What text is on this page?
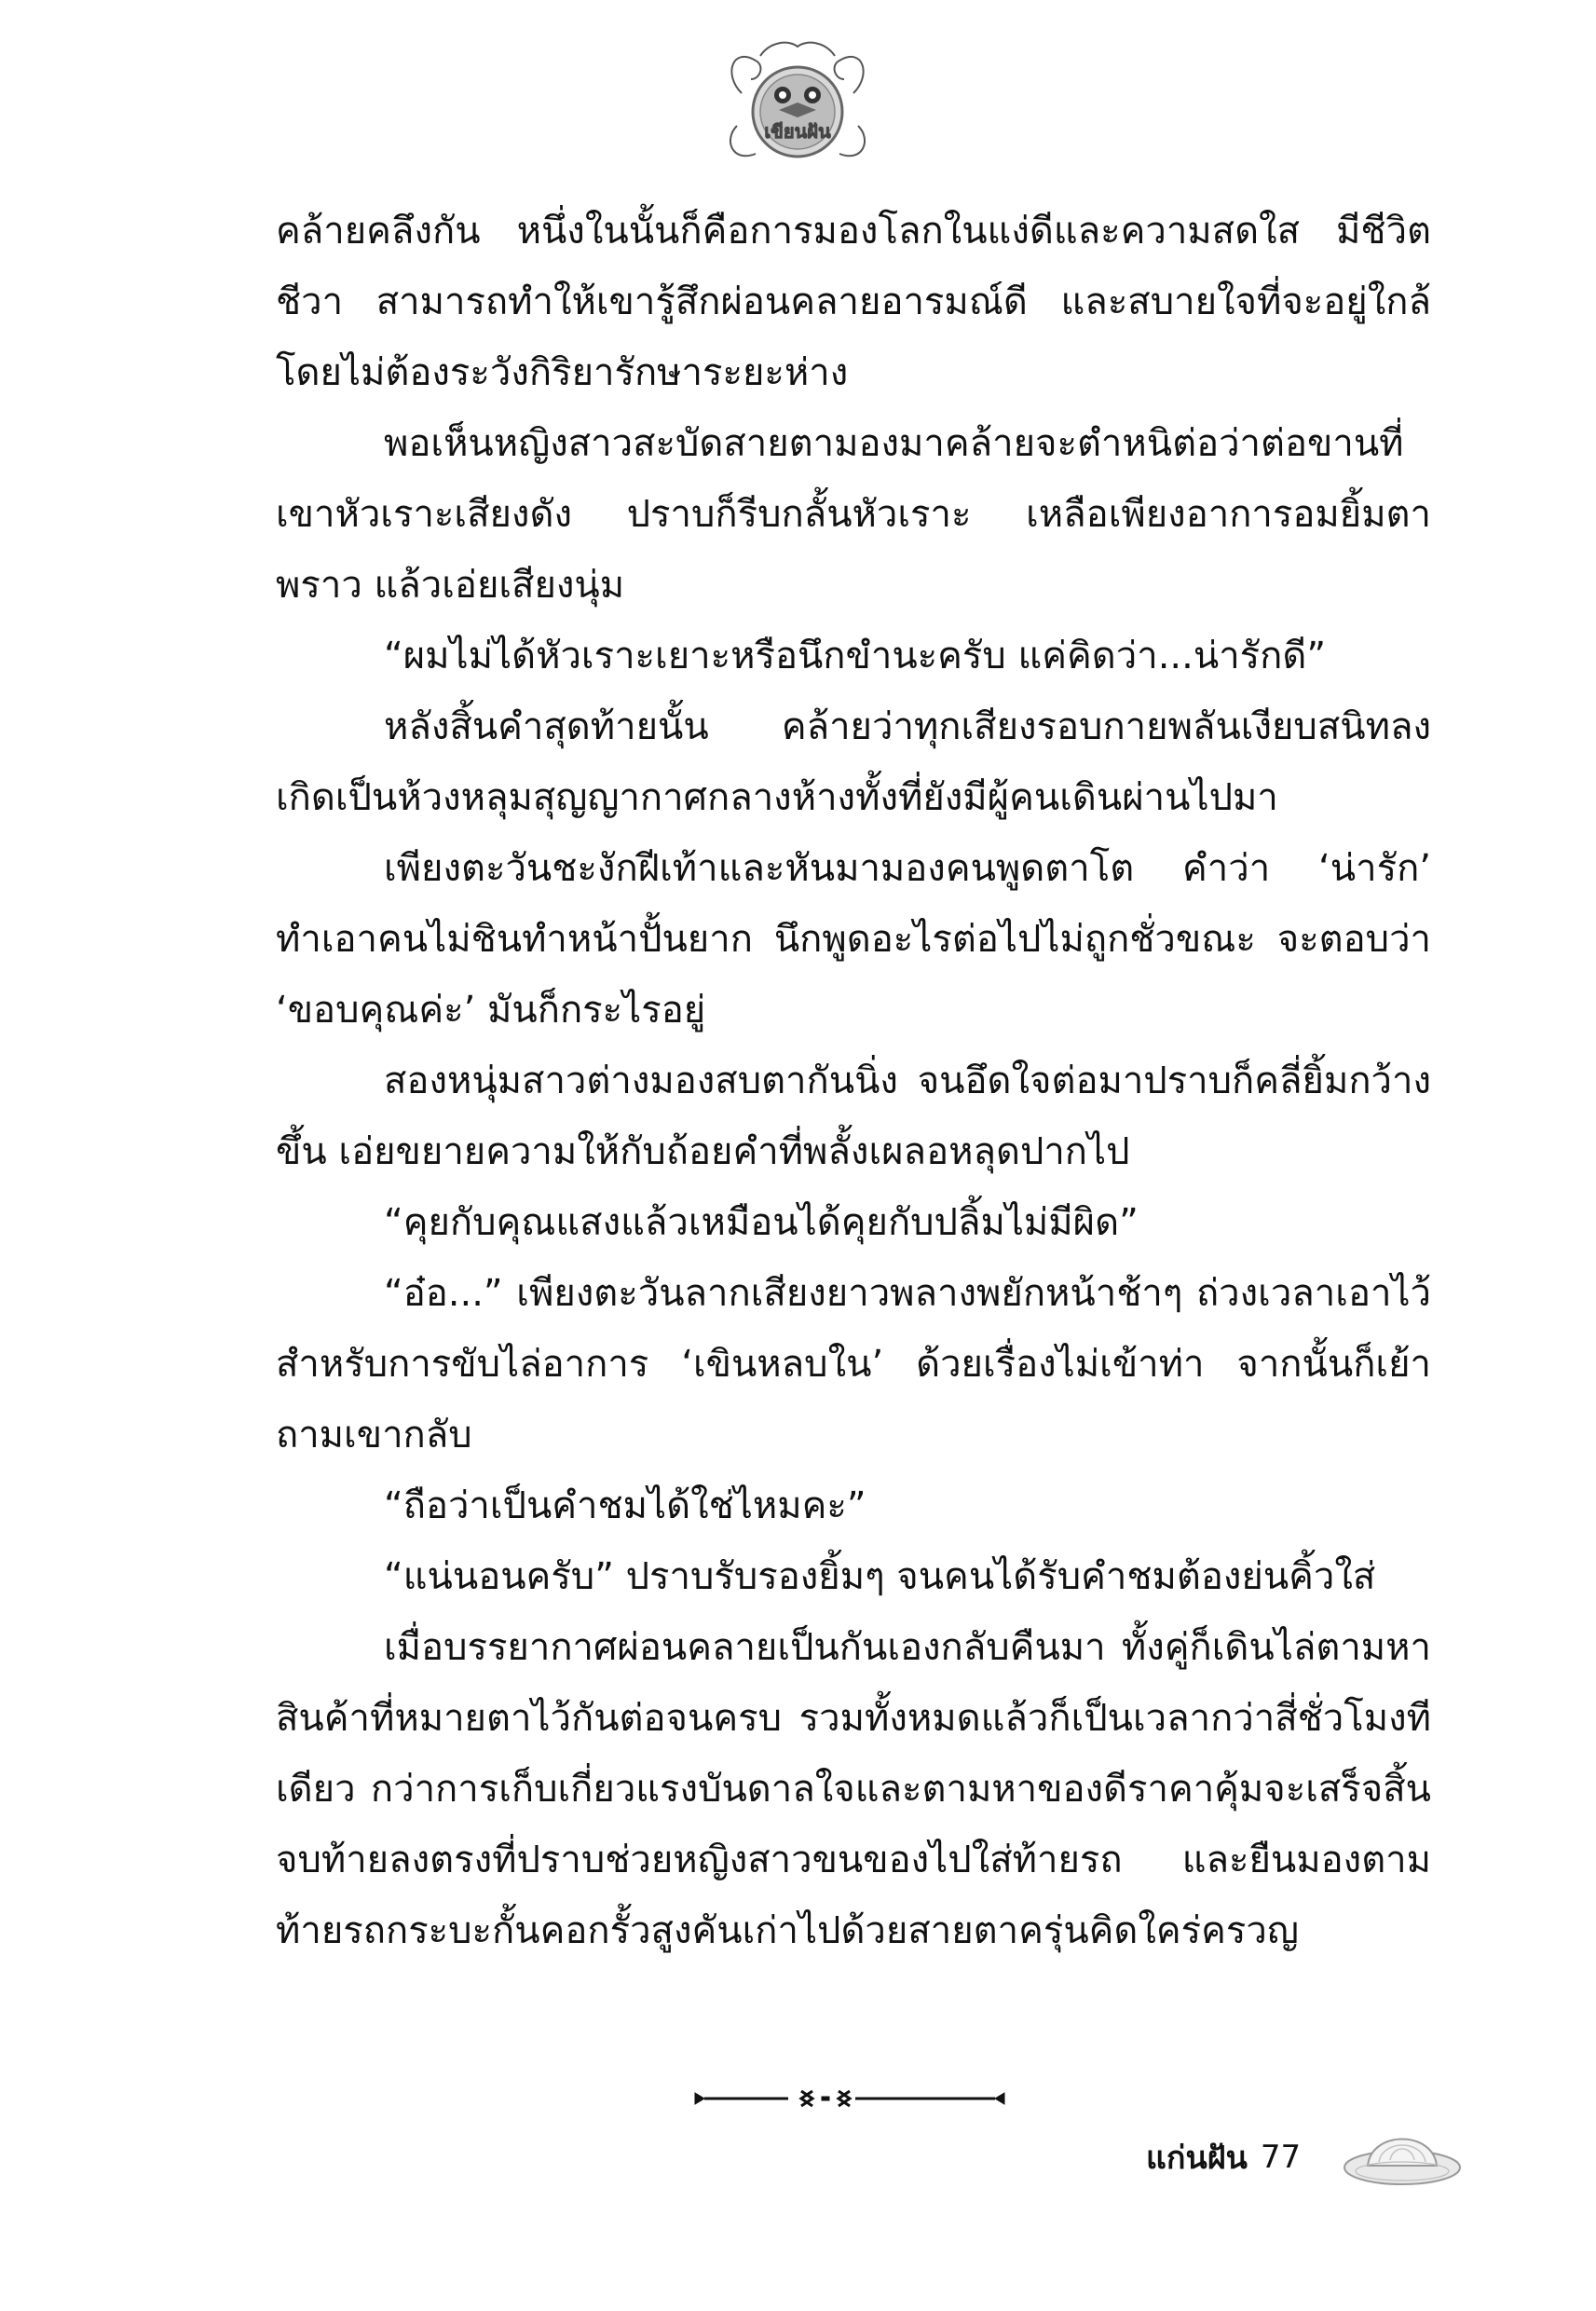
เขียนฝัน

คล้ายคลึงกัน หนึ่งในนั้นก็คือการมองโลกในแง่ดีและความสดใส มีชีวิตชีวา สามารถทำให้เขารู้สึกผ่อนคลายอารมณ์ดี และสบายใจที่จะอยู่ใกล้โดยไม่ต้องระวังกิริยารักษาระยะห่าง

พอเห็นหญิงสาวสะบัดสายตามองมาคล้ายจะตำหนิต่อว่าต่อขานที่เขาหัวเราะเสียงดัง ปราบก็รีบกลั้นหัวเราะ เหลือเพียงอาการอมยิ้มตาพราว แล้วเอ่ยเสียงนุ่ม

“ผมไม่ได้หัวเราะเยาะหรือนึกขำนะครับ แค่คิดว่า...น่ารักดี”

หลังสิ้นคำสุดท้ายนั้น คล้ายว่าทุกเสียงรอบกายพลันเงียบสนิทลง เกิดเป็นห้วงหลุมสุญญากาศกลางห้างทั้งที่ยังมีผู้คนเดินผ่านไปมา

เพียงตะวันชะงักฝีเท้าและหันมามองคนพูดตาโต คำว่า ‘น่ารัก’ ทำเอาคนไม่ชินทำหน้าปั้นยาก นึกพูดอะไรต่อไปไม่ถูกชั่วขณะ จะตอบว่า ‘ขอบคุณค่ะ’ มันก็กระไรอยู่

สองหนุ่มสาวต่างมองสบตากันนิ่ง จนอึดใจต่อมาปราบก็คลี่ยิ้มกว้างขึ้น เอ่ยขยายความให้กับถ้อยคำที่พลั้งเผลอหลุดปากไป

“คุยกับคุณแสงแล้วเหมือนได้คุยกับปลิ้มไม่มีผิด”

“อ๋อ...” เพียงตะวันลากเสียงยาวพลางพยักหน้าช้าๆ ถ่วงเวลาเอาไว้สำหรับการขับไล่อาการ ‘เขินหลบใน’ ด้วยเรื่องไม่เข้าท่า จากนั้นก็เย้าถามเขากลับ

“ถือว่าเป็นคำชมได้ใช่ไหมคะ”

“แน่นอนครับ” ปราบรับรองยิ้มๆ จนคนได้รับคำชมต้องย่นคิ้วใส่

เมื่อบรรยากาศผ่อนคลายเป็นกันเองกลับคืนมา ทั้งคู่ก็เดินไล่ตามหาสินค้าที่หมายตาไว้กันต่อจนครบ รวมทั้งหมดแล้วก็เป็นเวลากว่าสี่ชั่วโมงทีเดียว กว่าการเก็บเกี่ยวแรงบันดาลใจและตามหาของดีราคาคุ้มจะเสร็จสิ้น จบท้ายลงตรงที่ปราบช่วยหญิงสาวขนของไปใส่ท้ายรถ และยืนมองตามท้ายรถกระบะกั้นคอกรั้วสูงคันเก่าไปด้วยสายตาครุ่นคิดใคร่ครวญ

แก่นฝัน 77
